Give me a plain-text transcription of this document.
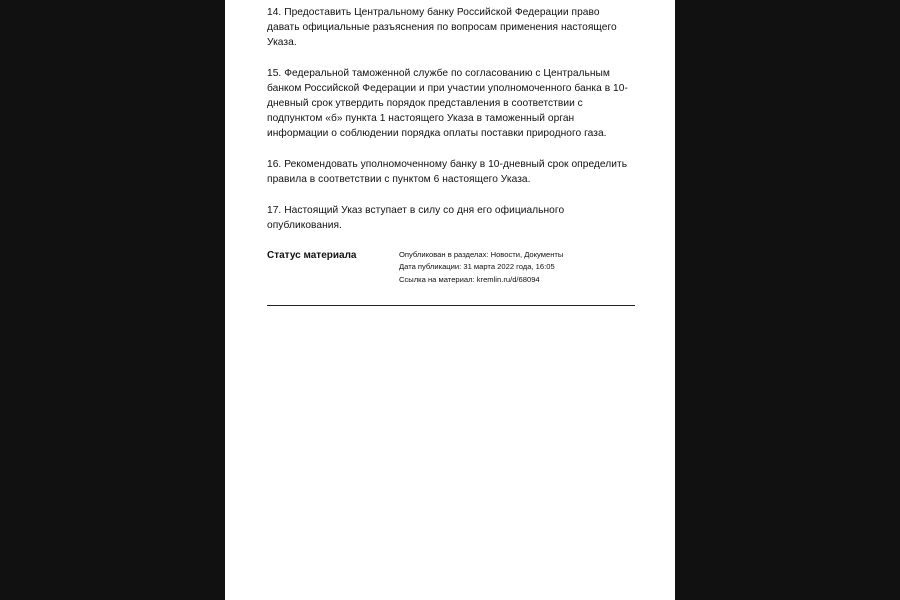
14. Предоставить Центральному банку Российской Федерации право давать официальные разъяснения по вопросам применения настоящего Указа.

15. Федеральной таможенной службе по согласованию с Центральным банком Российской Федерации и при участии уполномоченного банка в 10-дневный срок утвердить порядок представления в соответствии с подпунктом «б» пункта 1 настоящего Указа в таможенный орган информации о соблюдении порядка оплаты поставки природного газа.

16. Рекомендовать уполномоченному банку в 10-дневный срок определить правила в соответствии с пунктом 6 настоящего Указа.

17. Настоящий Указ вступает в силу со дня его официального опубликования.

Статус материала	Опубликован в разделах: Новости, Документы
Дата публикации: 31 марта 2022 года, 16:05
Ссылка на материал: kremlin.ru/d/68094
